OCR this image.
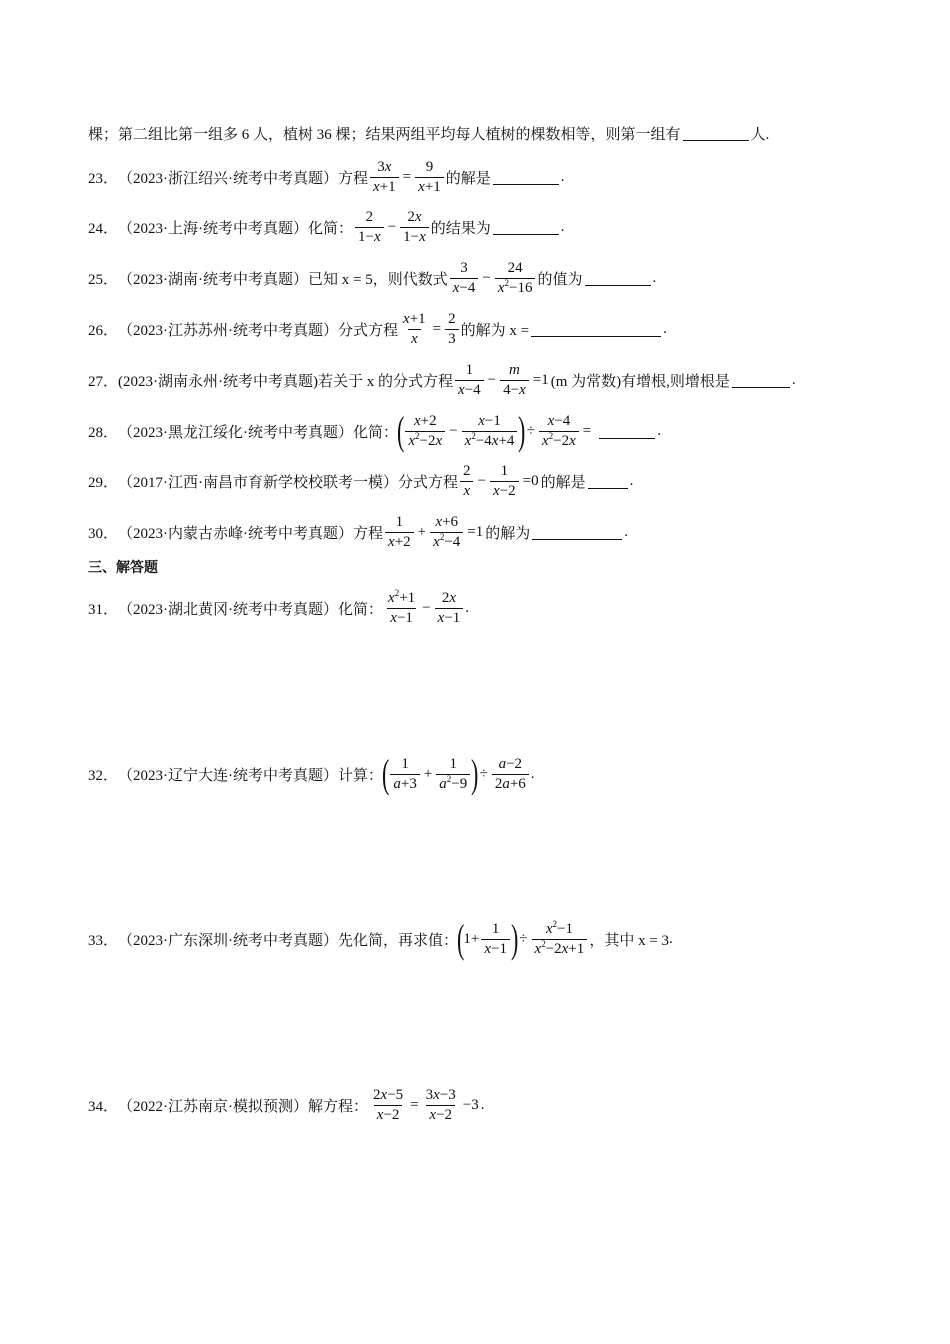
棵；第二组比第一组多 6 人，植树 36 棵；结果两组平均每人植树的棵数相等，则第一组有	人.
23． （2023·浙江绍兴·统考中考真题） 方程 $\frac{3x}{x+1} = \frac{9}{x+1}$ 的解是	.
24． （2023·上海·统考中考真题） 化简： $\frac{2}{1-x} - \frac{2x}{1-x}$ 的结果为	.
25． （2023·湖南·统考中考真题） 已知 x = 5，则代数式 $\frac{3}{x-4} - \frac{24}{x^2-16}$ 的值为	.
26． （2023·江苏苏州·统考中考真题） 分式方程 $\frac{x+1}{x} = \frac{2}{3}$ 的解为 x =	.
27． (2023·湖南永州·统考中考真题) 若关于 x 的分式方程 $\frac{1}{x-4} - \frac{m}{4-x} =1$ (m 为常数)有增根,则增根是	.
28． （2023·黑龙江绥化·统考中考真题） 化简：
( $\frac{x+2}{x^2-2x} - \frac{x-1}{x^2-4x+4}$ ) ÷ $\frac{x-4}{x^2-2x}$ =	.
29． （2017·江西·南昌市育新学校校联考一模） 分式方程 $\frac{2}{x} - \frac{1}{x-2} =0$ 的解是	.
30． （2023·内蒙古赤峰·统考中考真题） 方程 $\frac{1}{x+2} + \frac{x+6}{x^2-4} =1$ 的解为	.
三、解答题
31． （2023·湖北黄冈·统考中考真题） 化简： $\frac{x^2+1}{x-1} - \frac{2x}{x-1}$ .
32． （2023·辽宁大连·统考中考真题） 计算：
( $\frac{1}{a+3} + \frac{1}{a^2-9}$ ) ÷ $\frac{a-2}{2a+6}$ .
33． （2023·广东深圳·统考中考真题） 先化简，再求值：
(
$1+ \frac{1}{x-1}$ ) ÷ $\frac{x^2-1}{x^2-2x+1}$ ，其中 x = 3 .
34． （2022·江苏南京·模拟预测） 解方程： $\frac{2x-5}{x-2} = \frac{3x-3}{x-2} -3$ .
